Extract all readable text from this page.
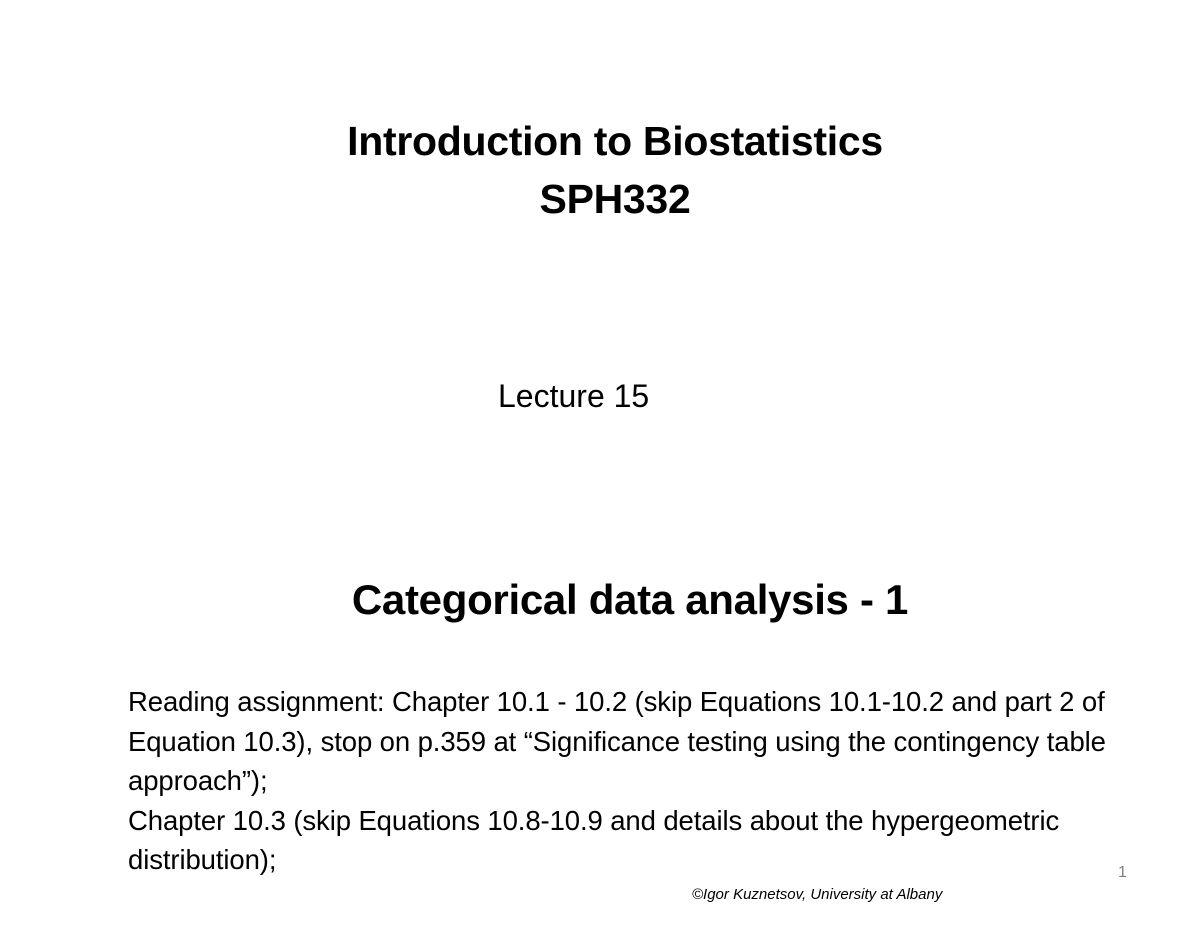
Introduction to Biostatistics
SPH332
Lecture 15
Categorical data analysis - 1

Reading assignment: Chapter 10.1 - 10.2 (skip Equations 10.1-10.2 and part 2 of Equation 10.3), stop on p.359 at “Significance testing using the contingency table approach”);

Chapter 10.3 (skip Equations 10.8-10.9 and details about the hypergeometric distribution);	1
©Igor Kuznetsov, University at Albany
